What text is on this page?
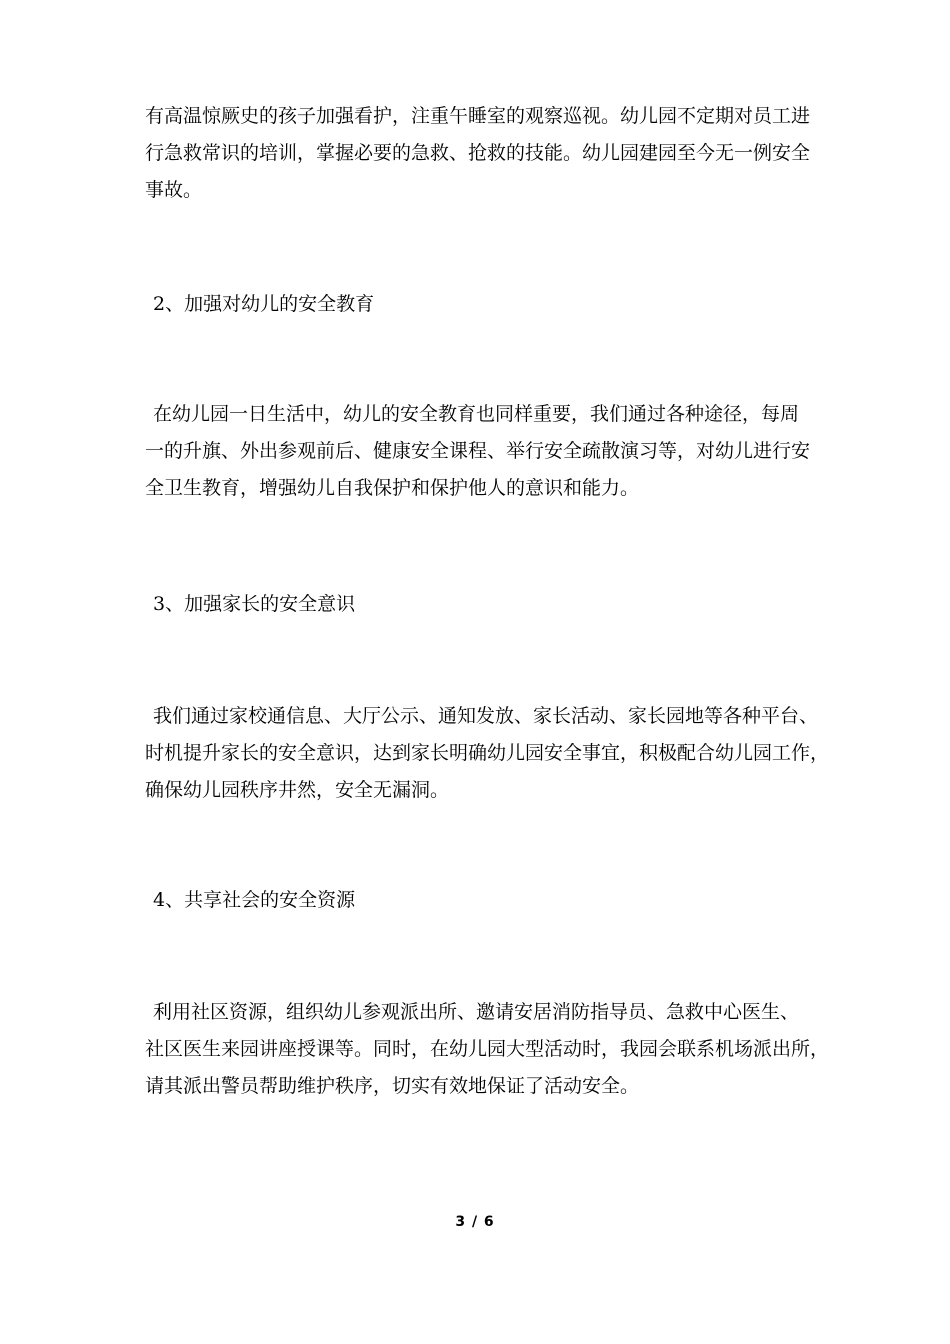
有高温惊厥史的孩子加强看护，注重午睡室的观察巡视。幼儿园不定期对员工进
行急救常识的培训，掌握必要的急救、抢救的技能。幼儿园建园至今无一例安全
事故。
2、加强对幼儿的安全教育
在幼儿园一日生活中，幼儿的安全教育也同样重要，我们通过各种途径，每周
一的升旗、外出参观前后、健康安全课程、举行安全疏散演习等，对幼儿进行安
全卫生教育，增强幼儿自我保护和保护他人的意识和能力。
3、加强家长的安全意识
我们通过家校通信息、大厅公示、通知发放、家长活动、家长园地等各种平台、
时机提升家长的安全意识，达到家长明确幼儿园安全事宜，积极配合幼儿园工作，
确保幼儿园秩序井然，安全无漏洞。
4、共享社会的安全资源
利用社区资源，组织幼儿参观派出所、邀请安居消防指导员、急救中心医生、
社区医生来园讲座授课等。同时，在幼儿园大型活动时，我园会联系机场派出所，
请其派出警员帮助维护秩序，切实有效地保证了活动安全。
3 / 6
